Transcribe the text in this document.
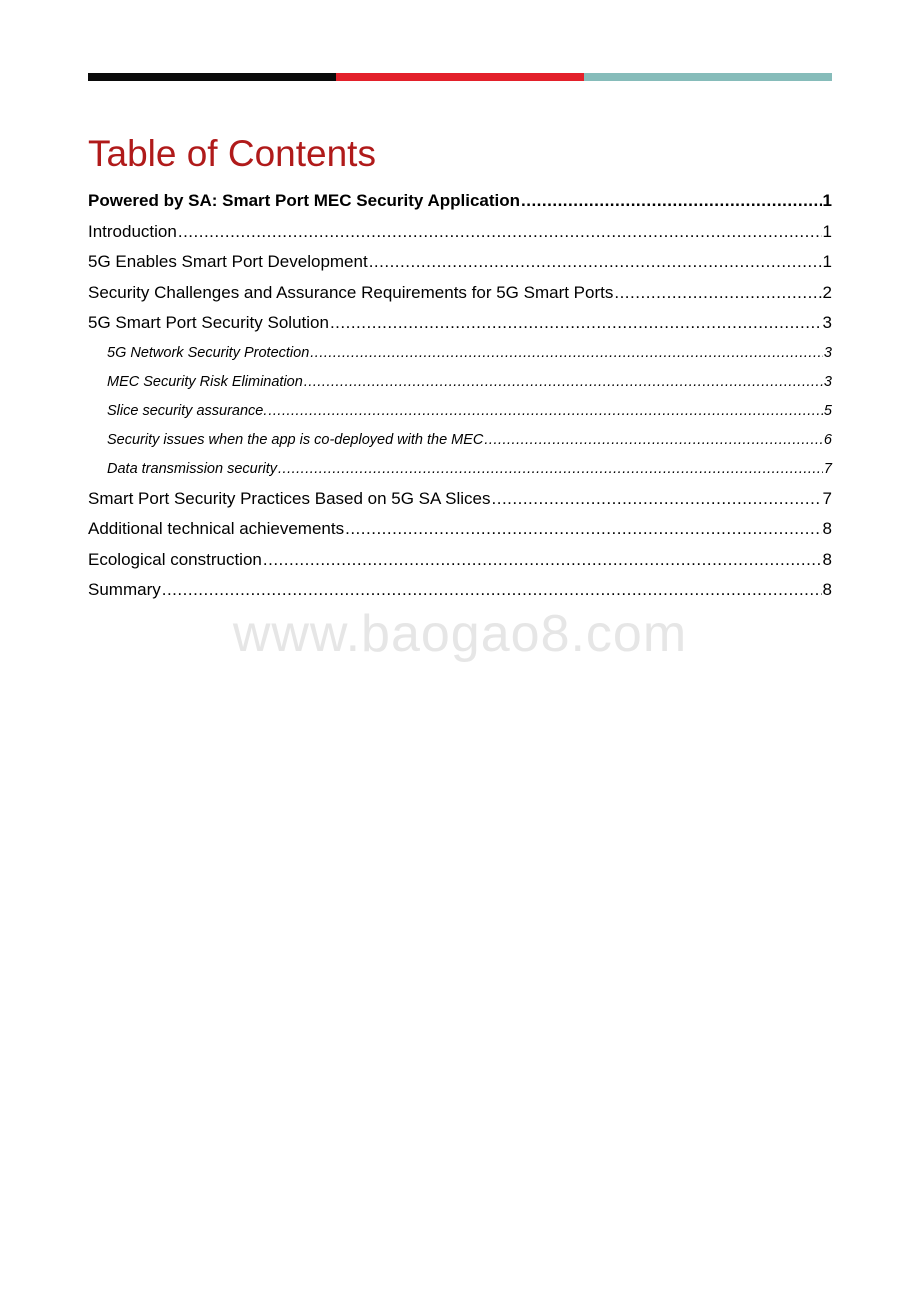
Table of Contents
Powered by SA: Smart Port MEC Security Application .....	1
Introduction .....	1
5G Enables Smart Port Development .....	1
Security Challenges and Assurance Requirements for 5G Smart Ports .....	2
5G Smart Port Security Solution .....	3
5G Network Security Protection .....	3
MEC Security Risk Elimination .....	3
Slice security assurance. .....	5
Security issues when the app is co-deployed with the MEC .....	6
Data transmission security .....	7
Smart Port Security Practices Based on 5G SA Slices .....	7
Additional technical achievements .....	8
Ecological construction .....	8
Summary .....	8
www.baogao8.com
